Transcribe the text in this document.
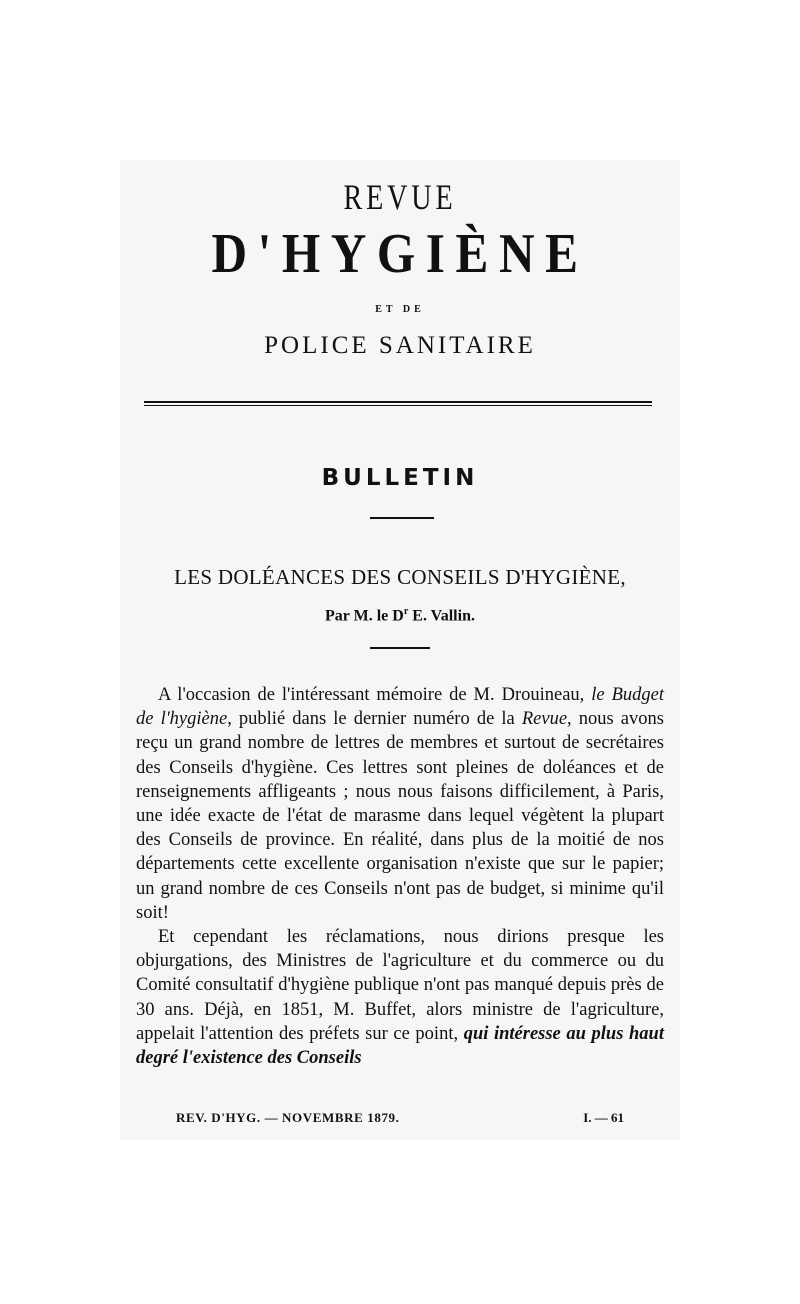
REVUE
D'HYGIÈNE
ET DE
POLICE SANITAIRE
BULLETIN
LES DOLÉANCES DES CONSEILS D'HYGIÈNE,
Par M. le $D^r$ E. Vallin.

A l'occasion de l'intéressant mémoire de M. Drouineau, le Budget de l'hygiène, publié dans le dernier numéro de la Revue, nous avons reçu un grand nombre de lettres de membres et surtout de secrétaires des Conseils d'hygiène. Ces lettres sont pleines de doléances et de renseignements affligeants ; nous nous faisons difficilement, à Paris, une idée exacte de l'état de marasme dans lequel végètent la plupart des Conseils de province. En réalité, dans plus de la moitié de nos départements cette excellente organisation n'existe que sur le papier; un grand nombre de ces Conseils n'ont pas de budget, si minime qu'il soit!

Et cependant les réclamations, nous dirions presque les objurgations, des Ministres de l'agriculture et du commerce ou du Comité consultatif d'hygiène publique n'ont pas manqué depuis près de 30 ans. Déjà, en 1851, M. Buffet, alors ministre de l'agriculture, appelait l'attention des préfets sur ce point, qui intéresse au plus haut degré l'existence des Conseils

REV. D'HYG. — NOVEMBRE 1879.	I. — 61
